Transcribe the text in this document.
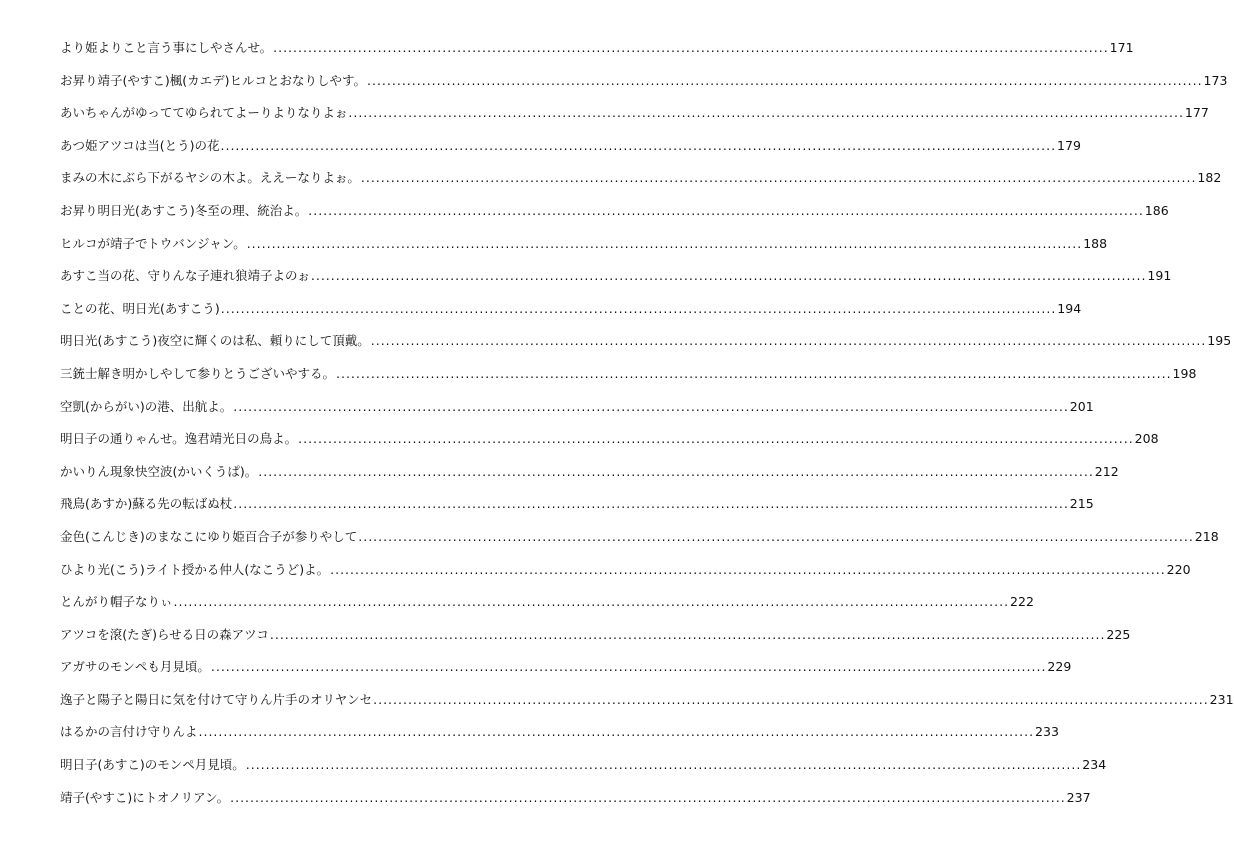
より姫よりこと言う事にしやさんせ。 .....	171
お昇り靖子(やすこ)楓(カエデ)ヒルコとおなりしやす。 .....	173
あいちゃんがゆっててゆられてよーりよりなりよぉ .....	177
あつ姫アツコは当(とう)の花 .....	179
まみの木にぶら下がるヤシの木よ。ええーなりよぉ。 .....	182
お昇り明日光(あすこう)冬至の理、統治よ。 .....	186
ヒルコが靖子でトウバンジャン。 .....	188
あすこ当の花、守りんな子連れ狼靖子よのぉ .....	191
ことの花、明日光(あすこう) .....	194
明日光(あすこう)夜空に輝くのは私、頼りにして頂戴。 .....	195
三銃士解き明かしやして参りとうございやする。 .....	198
空凱(からがい)の港、出航よ。 .....	201
明日子の通りゃんせ。逸君靖光日の鳥よ。 .....	208
かいりん現象快空波(かいくうぱ)。 .....	212
飛鳥(あすか)蘇る先の転ばぬ杖 .....	215
金色(こんじき)のまなこにゆり姫百合子が参りやして .....	218
ひより光(こう)ライト授かる仲人(なこうど)よ。 .....	220
とんがり帽子なりぃ .....	222
アツコを滾(たぎ)らせる日の森アツコ .....	225
アガサのモンペも月見頃。 .....	229
逸子と陽子と陽日に気を付けて守りん片手のオリヤンセ .....	231
はるかの言付け守りんよ .....	233
明日子(あすこ)のモンペ月見頃。 .....	234
靖子(やすこ)にトオノリアン。 .....	237
